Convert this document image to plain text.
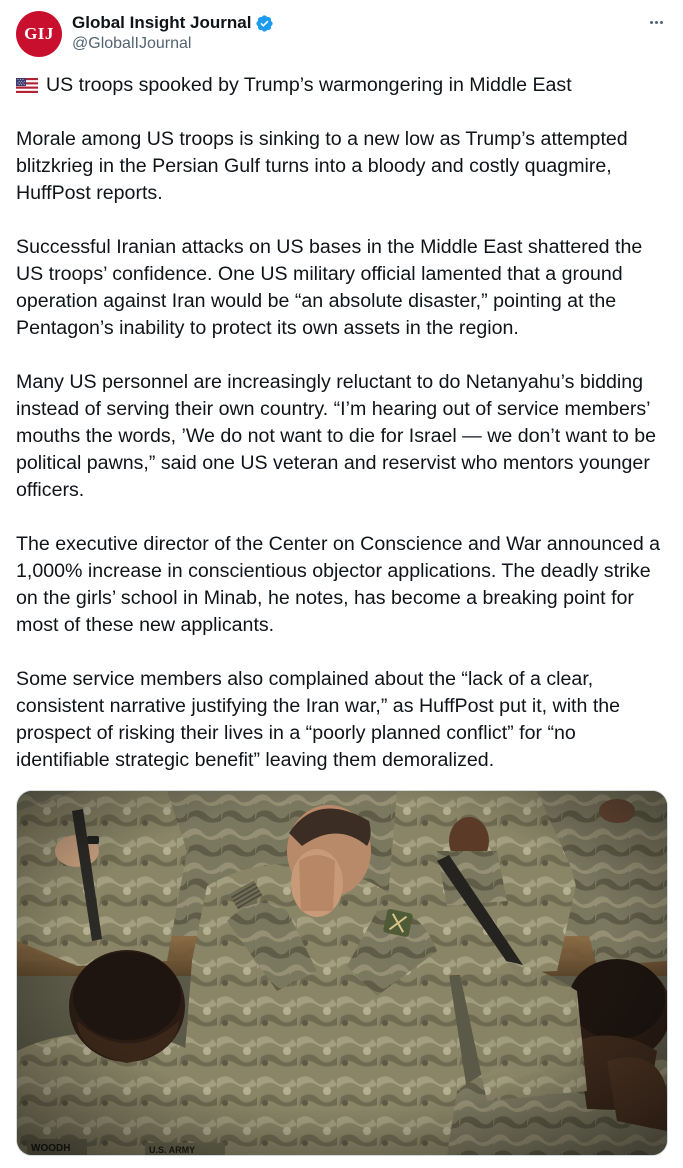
GIJ
Global Insight Journal
@GlobalIJournal
US troops spooked by Trump’s warmongering in Middle East

Morale among US troops is sinking to a new low as Trump’s attempted blitzkrieg in the Persian Gulf turns into a bloody and costly quagmire, HuffPost reports.

Successful Iranian attacks on US bases in the Middle East shattered the US troops’ confidence. One US military official lamented that a ground operation against Iran would be “an absolute disaster,” pointing at the Pentagon’s inability to protect its own assets in the region.

Many US personnel are increasingly reluctant to do Netanyahu’s bidding instead of serving their own country. “I’m hearing out of service members’ mouths the words, ’We do not want to die for Israel — we don’t want to be political pawns,” said one US veteran and reservist who mentors younger officers.

The executive director of the Center on Conscience and War announced a 1,000% increase in conscientious objector applications. The deadly strike on the girls’ school in Minab, he notes, has become a breaking point for most of these new applicants.

Some service members also complained about the “lack of a clear, consistent narrative justifying the Iran war,” as HuffPost put it, with the prospect of risking their lives in a “poorly planned conflict” for “no identifiable strategic benefit” leaving them demoralized.
